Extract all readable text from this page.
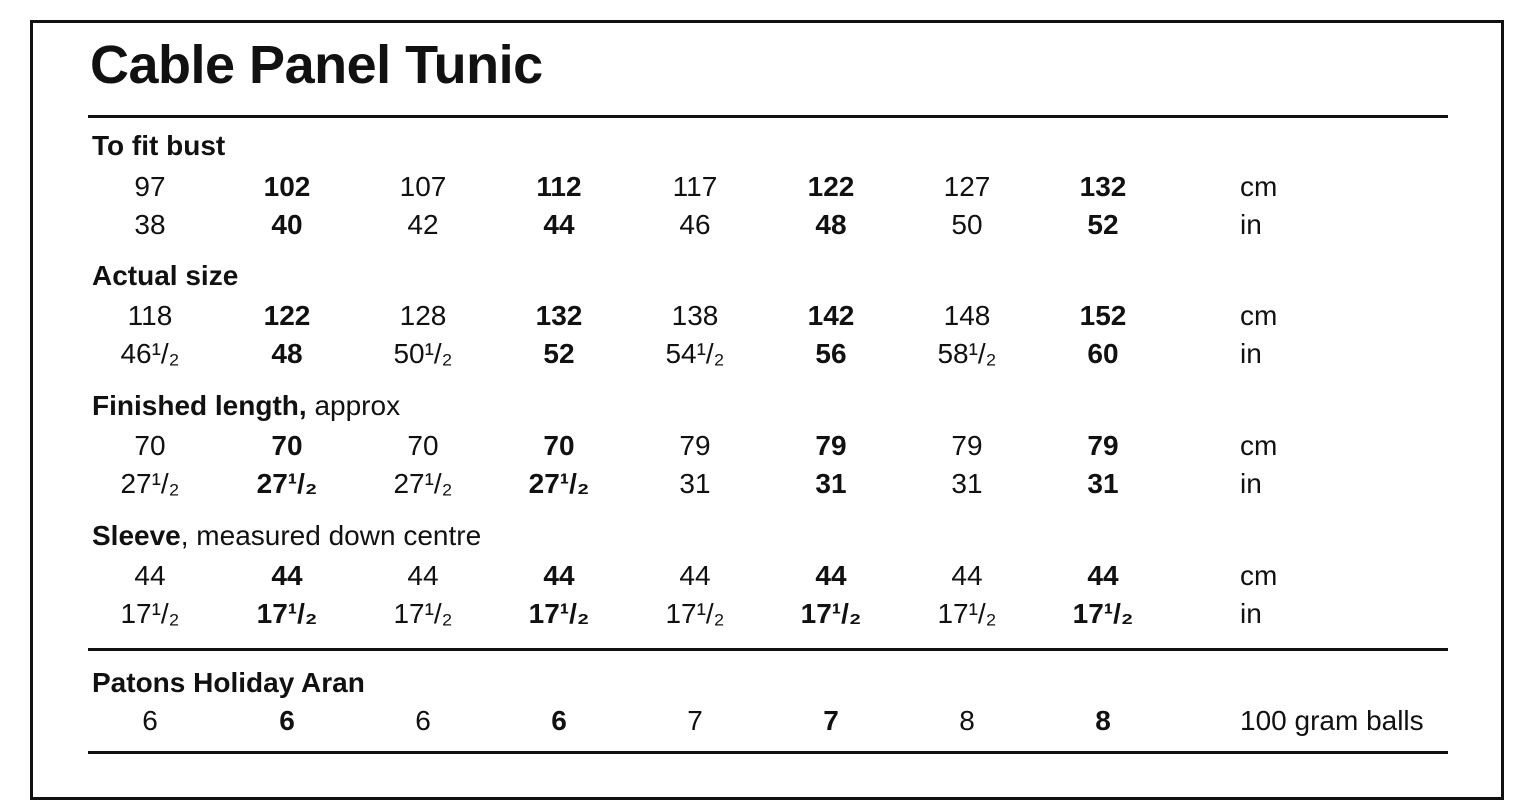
Cable Panel Tunic
To fit bust
97	102	107	112	117	122	127	132	cm
38	40	42	44	46	48	50	52	in
Actual size
118	122	128	132	138	142	148	152	cm
46¹/₂	48	50¹/₂	52	54¹/₂	56	58¹/₂	60	in
Finished length, approx
70	70	70	70	79	79	79	79	cm
27¹/₂	27¹/₂	27¹/₂	27¹/₂	31	31	31	31	in
Sleeve, measured down centre
44	44	44	44	44	44	44	44	cm
17¹/₂	17¹/₂	17¹/₂	17¹/₂	17¹/₂	17¹/₂	17¹/₂	17¹/₂	in
Patons Holiday Aran
6	6	6	6	7	7	8	8	100 gram balls
